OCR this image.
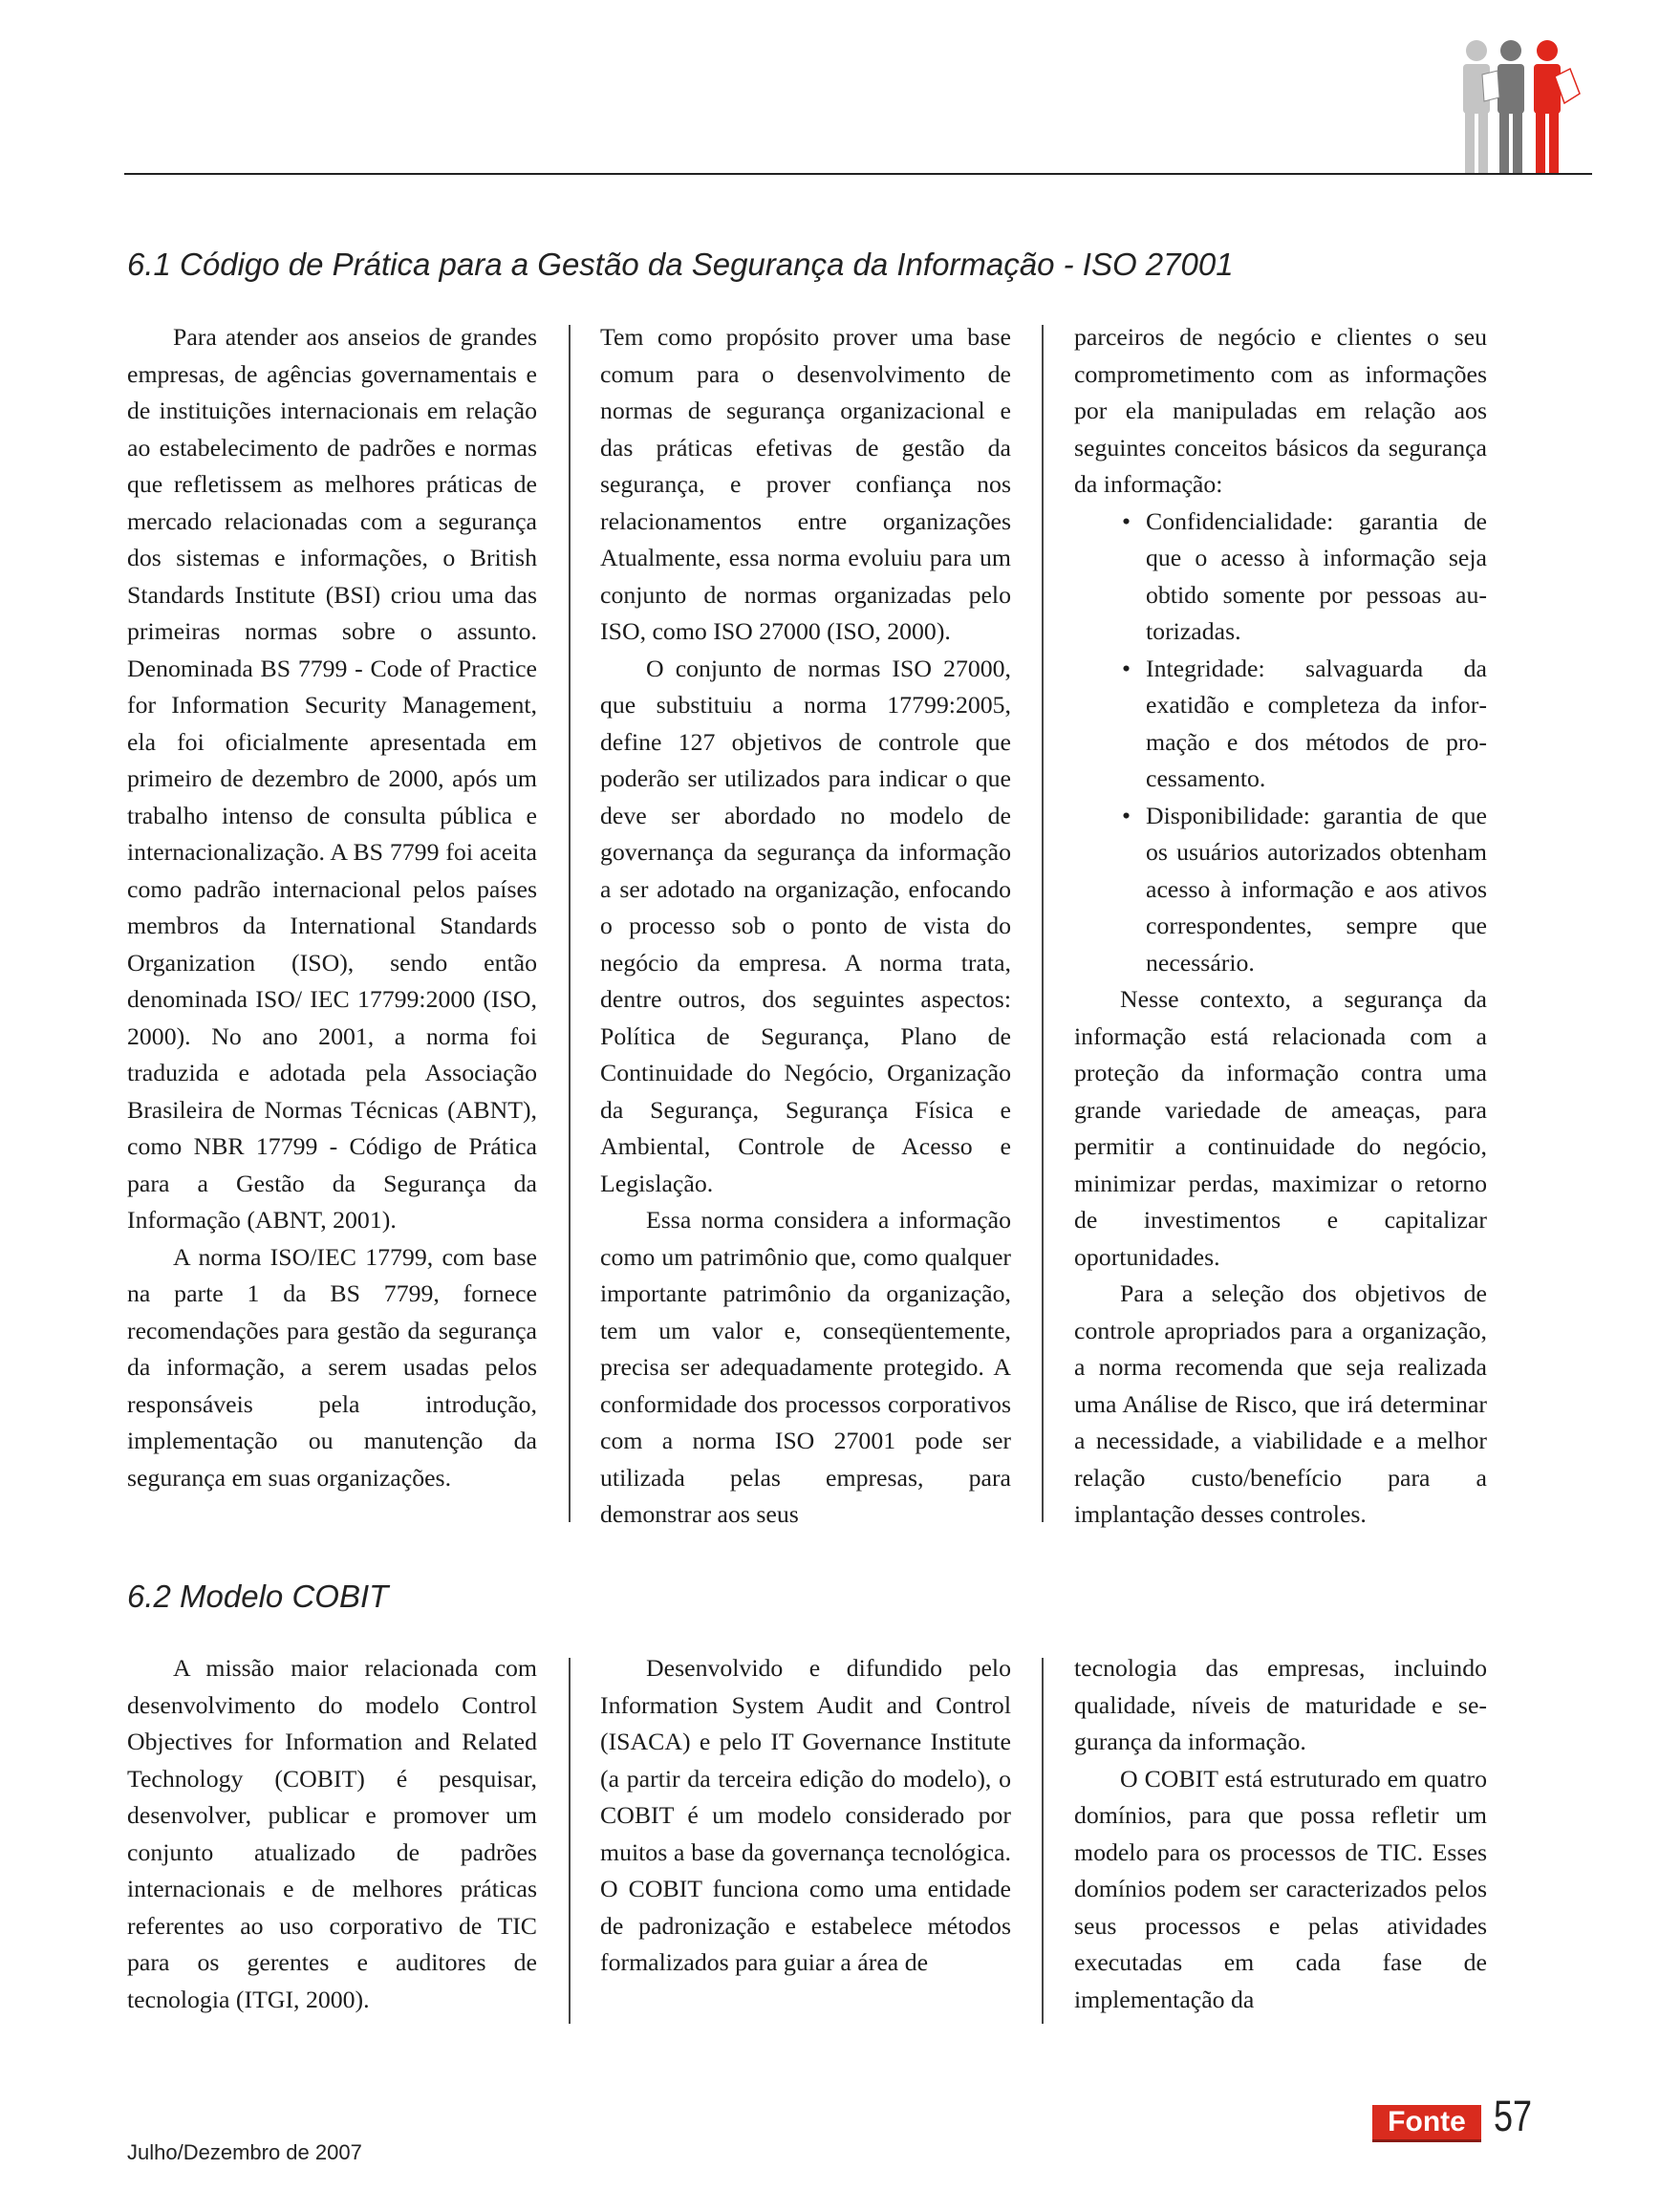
6.1 Código de Prática para a Gestão da Segurança da Informação - ISO 27001

Para atender aos anseios de grandes empresas, de agências governamentais e de instituições internacionais em relação ao estabelecimento de padrões e normas que refletissem as melhores práticas de mercado relacionadas com a segurança dos sistemas e informações, o British Standards Institute (BSI) criou uma das primeiras normas sobre o assunto. Denominada BS 7799 - Code of Practice for Information Security Management, ela foi oficialmente apresentada em primeiro de dezembro de 2000, após um trabalho intenso de consulta pública e internacionalização. A BS 7799 foi aceita como padrão internacional pelos países membros da International Standards Organization (ISO), sendo então denominada ISO/ IEC 17799:2000 (ISO, 2000). No ano 2001, a norma foi traduzida e adotada pela Associação Brasileira de Normas Técnicas (ABNT), como NBR 17799 - Código de Prática para a Gestão da Segurança da Informação (ABNT, 2001).

A norma ISO/IEC 17799, com base na parte 1 da BS 7799, fornece recomendações para gestão da segurança da informação, a serem usadas pelos responsáveis pela introdução, implementação ou manutenção da segurança em suas organizações.

Tem como propósito prover uma base comum para o desenvolvimento de normas de segurança organizacional e das práticas efetivas de gestão da segurança, e prover confiança nos relacionamentos entre organizações Atualmente, essa norma evoluiu para um conjunto de normas organizadas pelo ISO, como ISO 27000 (ISO, 2000).

O conjunto de normas ISO 27000, que substituiu a norma 17799:2005, define 127 objetivos de controle que poderão ser utilizados para indicar o que deve ser abordado no modelo de governança da segurança da informação a ser adotado na organização, enfocando o processo sob o ponto de vista do negócio da empresa. A norma trata, dentre outros, dos seguintes aspectos: Política de Segurança, Plano de Continuidade do Negócio, Organização da Segurança, Segurança Física e Ambiental, Controle de Acesso e Legislação.

Essa norma considera a informação como um patrimônio que, como qualquer importante patrimônio da organização, tem um valor e, conseqüentemente, precisa ser adequadamente protegido. A conformidade dos processos corporativos com a norma ISO 27001 pode ser utilizada pelas empresas, para demonstrar aos seus

parceiros de negócio e clientes o seu comprometimento com as informações por ela manipuladas em relação aos seguintes conceitos básicos da segurança da informação:

• Confidencialidade: garantia de que o acesso à informação seja obtido somente por pessoas autorizadas.
• Integridade: salvaguarda da exatidão e completeza da informação e dos métodos de processamento.
• Disponibilidade: garantia de que os usuários autorizados obtenham acesso à informação e aos ativos correspondentes, sempre que necessário.

Nesse contexto, a segurança da informação está relacionada com a proteção da informação contra uma grande variedade de ameaças, para permitir a continuidade do negócio, minimizar perdas, maximizar o retorno de investimentos e capitalizar oportunidades.

Para a seleção dos objetivos de controle apropriados para a organização, a norma recomenda que seja realizada uma Análise de Risco, que irá determinar a necessidade, a viabilidade e a melhor relação custo/benefício para a implantação desses controles.

6.2 Modelo COBIT

A missão maior relacionada com desenvolvimento do modelo Control Objectives for Information and Related Technology (COBIT) é pesquisar, desenvolver, publicar e promover um conjunto atualizado de padrões internacionais e de melhores práticas referentes ao uso corporativo de TIC para os gerentes e auditores de tecnologia (ITGI, 2000).

Desenvolvido e difundido pelo Information System Audit and Control (ISACA) e pelo IT Governance Institute (a partir da terceira edição do modelo), o COBIT é um modelo considerado por muitos a base da governança tecnológica. O COBIT funciona como uma entidade de padronização e estabelece métodos formalizados para guiar a área de

tecnologia das empresas, incluindo qualidade, níveis de maturidade e segurança da informação.

O COBIT está estruturado em quatro domínios, para que possa refletir um modelo para os processos de TIC. Esses domínios podem ser caracterizados pelos seus processos e pelas atividades executadas em cada fase de implementação da

Julho/Dezembro de 2007

Fonte 57
